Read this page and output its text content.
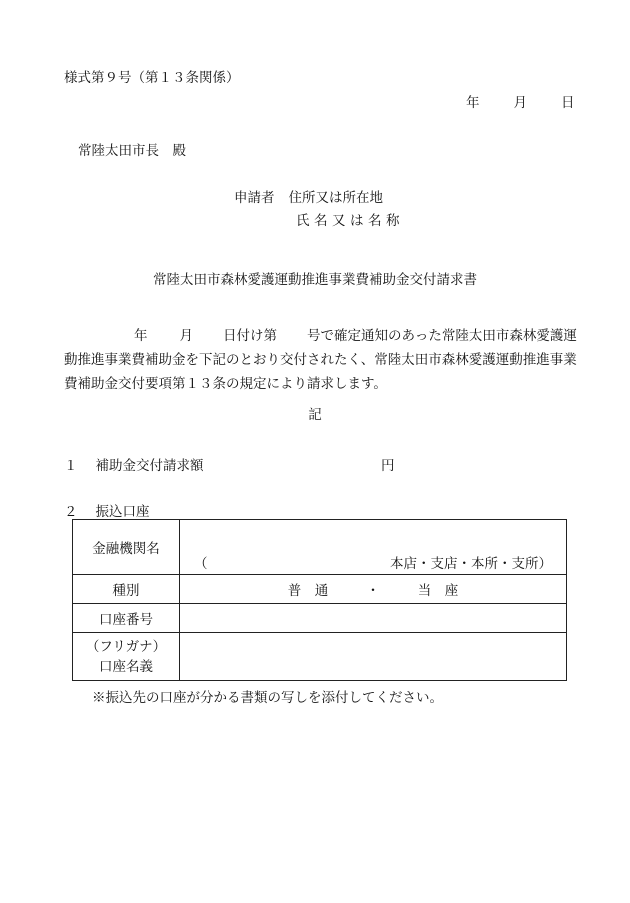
様式第９号（第１３条関係）
年	月	日
常陸太田市長　殿
申請者 住所又は所在地
氏名又は名称
常陸太田市森林愛護運動推進事業費補助金交付請求書
年 月 日付け第 号で確定通知のあった常陸太田市森林愛護運動推進事業費補助金を下記のとおり交付されたく、常陸太田市森林愛護運動推進事業費補助金交付要項第１３条の規定により請求します。
記
１ 補助金交付請求額	円
２ 振込口座
金融機関名	（ 本店・支店・本所・支所）

種別	普　通 ・ 当　座
口座番号	

（フリガナ）
口座名義	

※振込先の口座が分かる書類の写しを添付してください。
